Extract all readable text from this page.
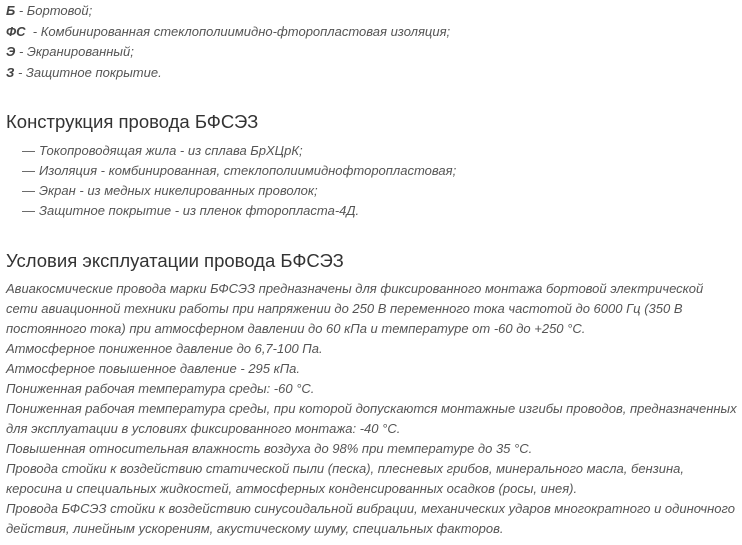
Б - Бортовой;
ФС  - Комбинированная стеклополиимидно-фторопластовая изоляция;
Э - Экранированный;
З - Защитное покрытие.
Конструкция провода БФСЭЗ
— Токопроводящая жила - из сплава БрХЦрК;
— Изоляция - комбинированная, стеклополиимиднофторопластовая;
— Экран - из медных никелированных проволок;
— Защитное покрытие - из пленок фторопласта-4Д.
Условия эксплуатации провода БФСЭЗ

Авиакосмические провода марки БФСЭЗ предназначены для фиксированного монтажа бортовой электрической сети авиационной техники работы при напряжении до 250 В переменного тока частотой до 6000 Гц (350 В постоянного тока) при атмосферном давлении до 60 кПа и температуре от -60 до +250 °С.

Атмосферное пониженное давление до 6,7-100 Па.

Атмосферное повышенное давление - 295 кПа.

Пониженная рабочая температура среды: -60 °С.

Пониженная рабочая температура среды, при которой допускаются монтажные изгибы проводов, предназначенных для эксплуатации в условиях фиксированного монтажа: -40 °С.

Повышенная относительная влажность воздуха до 98% при температуре до 35 °С.

Провода стойки к воздействию статической пыли (песка), плесневых грибов, минерального масла, бензина, керосина и специальных жидкостей, атмосферных конденсированных осадков (росы, инея).

Провода БФСЭЗ стойки к воздействию синусоидальной вибрации, механических ударов многократного и одиночного действия, линейным ускорениям, акустическому шуму, специальных факторов.
